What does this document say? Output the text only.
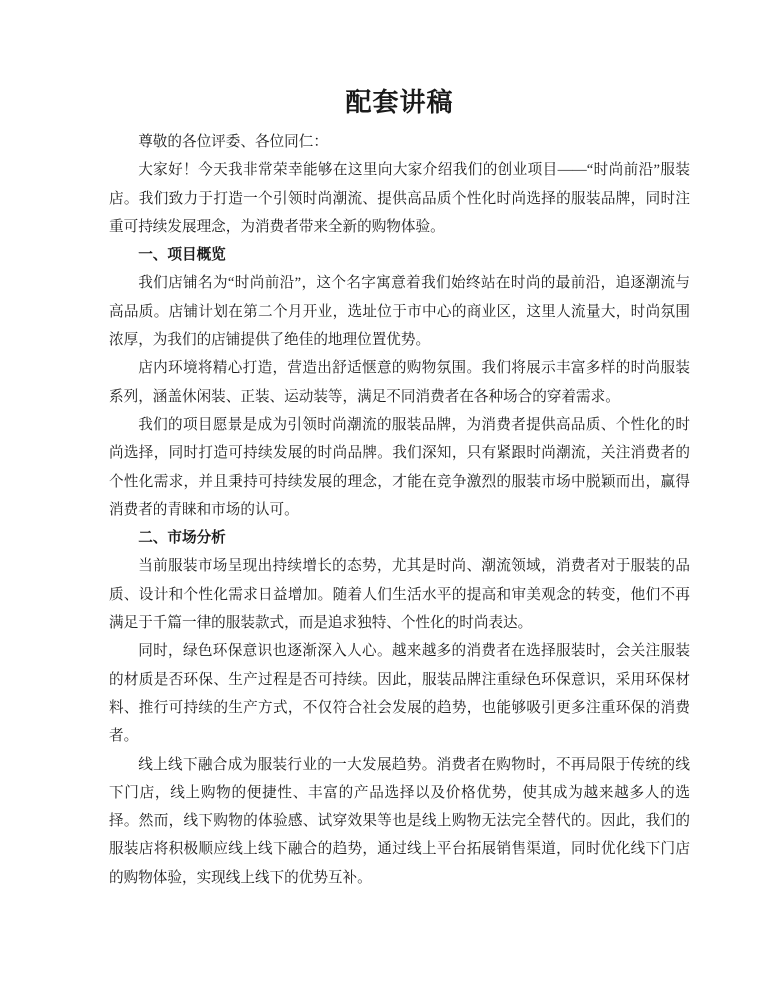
配套讲稿

尊敬的各位评委、各位同仁：

大家好！今天我非常荣幸能够在这里向大家介绍我们的创业项目——“时尚前沿”服装店。我们致力于打造一个引领时尚潮流、提供高品质个性化时尚选择的服装品牌，同时注重可持续发展理念，为消费者带来全新的购物体验。

一、项目概览

我们店铺名为“时尚前沿”，这个名字寓意着我们始终站在时尚的最前沿，追逐潮流与高品质。店铺计划在第二个月开业，选址位于市中心的商业区，这里人流量大，时尚氛围浓厚，为我们的店铺提供了绝佳的地理位置优势。

店内环境将精心打造，营造出舒适惬意的购物氛围。我们将展示丰富多样的时尚服装系列，涵盖休闲装、正装、运动装等，满足不同消费者在各种场合的穿着需求。

我们的项目愿景是成为引领时尚潮流的服装品牌，为消费者提供高品质、个性化的时尚选择，同时打造可持续发展的时尚品牌。我们深知，只有紧跟时尚潮流，关注消费者的个性化需求，并且秉持可持续发展的理念，才能在竞争激烈的服装市场中脱颖而出，赢得消费者的青睐和市场的认可。

二、市场分析

当前服装市场呈现出持续增长的态势，尤其是时尚、潮流领域，消费者对于服装的品质、设计和个性化需求日益增加。随着人们生活水平的提高和审美观念的转变，他们不再满足于千篇一律的服装款式，而是追求独特、个性化的时尚表达。

同时，绿色环保意识也逐渐深入人心。越来越多的消费者在选择服装时，会关注服装的材质是否环保、生产过程是否可持续。因此，服装品牌注重绿色环保意识，采用环保材料、推行可持续的生产方式，不仅符合社会发展的趋势，也能够吸引更多注重环保的消费者。

线上线下融合成为服装行业的一大发展趋势。消费者在购物时，不再局限于传统的线下门店，线上购物的便捷性、丰富的产品选择以及价格优势，使其成为越来越多人的选择。然而，线下购物的体验感、试穿效果等也是线上购物无法完全替代的。因此，我们的服装店将积极顺应线上线下融合的趋势，通过线上平台拓展销售渠道，同时优化线下门店的购物体验，实现线上线下的优势互补。
